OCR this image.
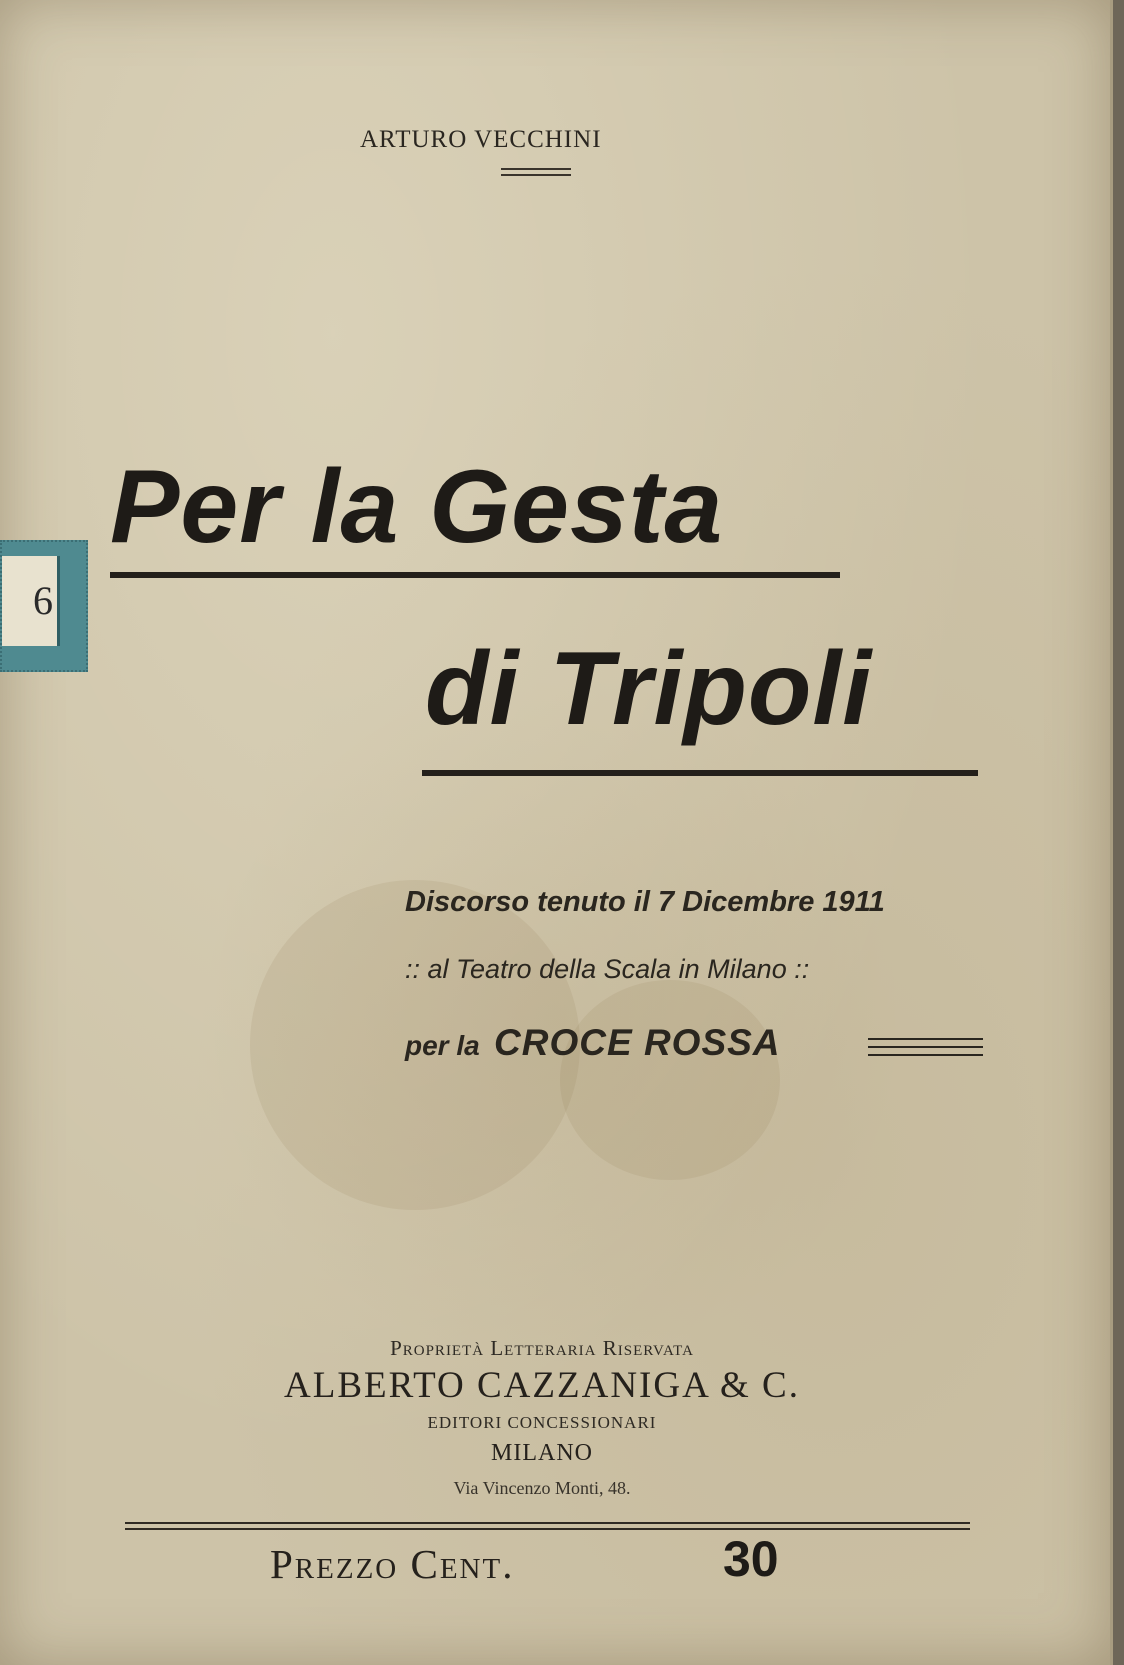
6
ARTURO VECCHINI
Per la Gesta
di Tripoli
Discorso tenuto il 7 Dicembre 1911
:: al Teatro della Scala in Milano ::
per la CROCE ROSSA
Proprietà Letteraria Riservata
ALBERTO CAZZANIGA & C.
EDITORI CONCESSIONARI
MILANO
Via Vincenzo Monti, 48.
Prezzo Cent.	30
